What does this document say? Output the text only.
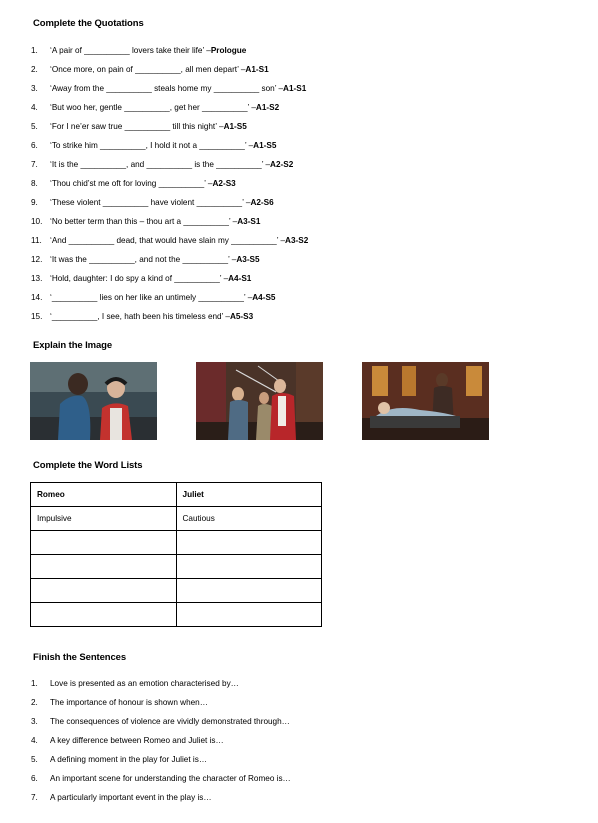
Complete the Quotations
1.	‘A pair of __________ lovers take their life’ – Prologue
2.	‘Once more, on pain of __________, all men depart’ – A1-S1
3.	‘Away from the __________ steals home my __________ son’ – A1-S1
4.	‘But woo her, gentle __________, get her __________’ – A1-S2
5.	‘For I ne’er saw true __________ till this night’ – A1-S5
6.	‘To strike him __________, I hold it not a __________’ – A1-S5
7.	‘It is the __________, and __________ is the __________’ – A2-S2
8.	‘Thou chid’st me oft for loving __________’ – A2-S3
9.	‘These violent __________ have violent __________’ – A2-S6
10. ‘No better term than this – thou art a __________’ – A3-S1
11.	‘And __________ dead, that would have slain my __________’ – A3-S2
12. ‘It was the __________, and not the __________’ – A3-S5
13. ‘Hold, daughter: I do spy a kind of __________’ – A4-S1
14. ‘__________ lies on her like an untimely __________’ – A4-S5
15. ‘__________, I see, hath been his timeless end’ – A5-S3
Explain the Image
Complete the Word Lists
Romeo	Juliet
Impulsive	Cautious

Finish the Sentences
1.	Love is presented as an emotion characterised by…
2.	The importance of honour is shown when…
3.	The consequences of violence are vividly demonstrated through…
4.	A key difference between Romeo and Juliet is…
5.	A defining moment in the play for Juliet is…
6.	An important scene for understanding the character of Romeo is…
7.	A particularly important event in the play is…
